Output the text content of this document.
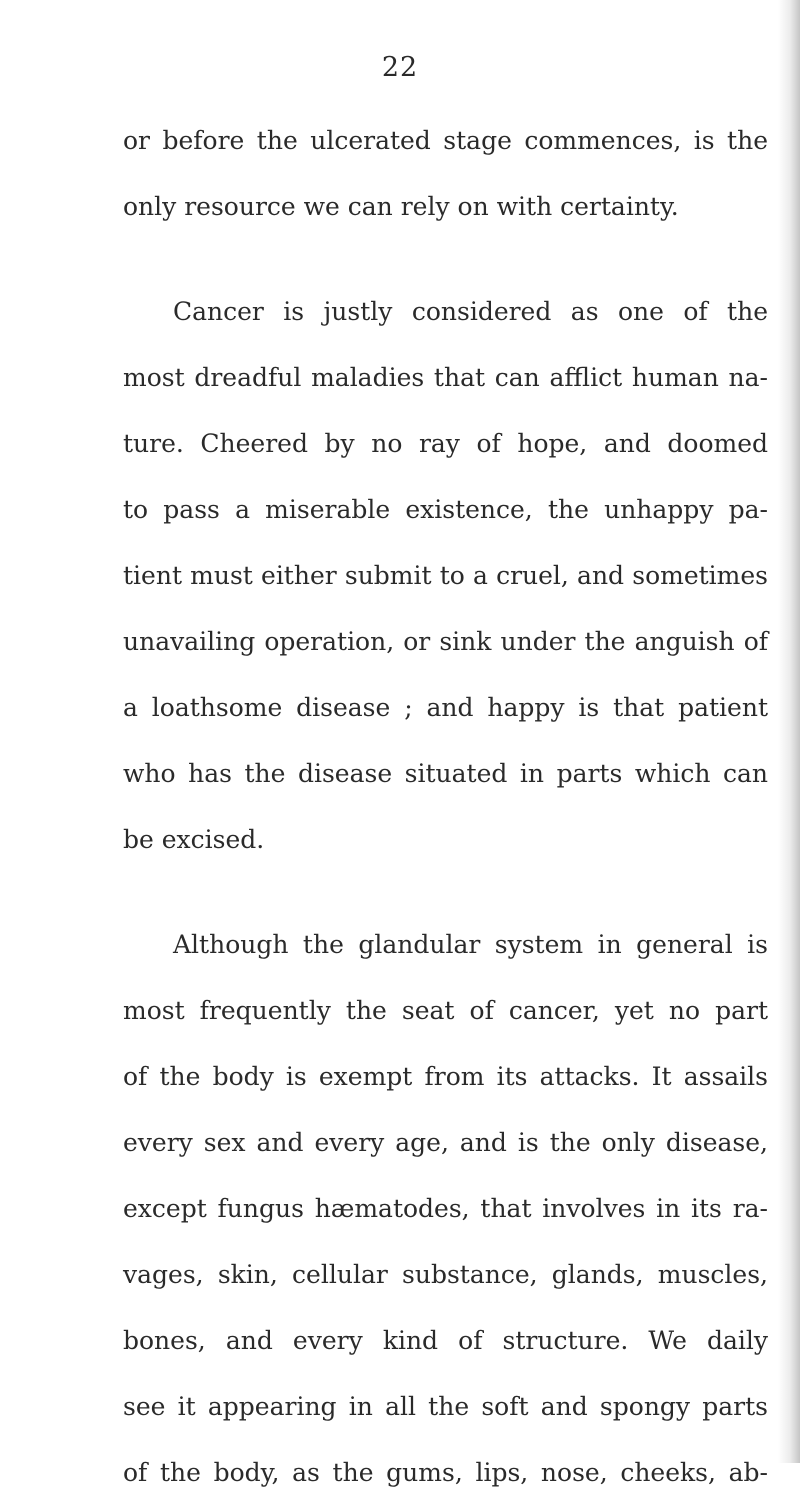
22
or before the ulcerated stage commences, is the
only resource we can rely on with certainty.
Cancer is justly considered as one of the
most dreadful maladies that can afflict human na-
ture. Cheered by no ray of hope, and doomed
to pass a miserable existence, the unhappy pa-
tient must either submit to a cruel, and sometimes
unavailing operation, or sink under the anguish of
a loathsome disease ; and happy is that patient
who has the disease situated in parts which can
be excised.
Although the glandular system in general is
most frequently the seat of cancer, yet no part
of the body is exempt from its attacks. It assails
every sex and every age, and is the only disease,
except fungus hæmatodes, that involves in its ra-
vages, skin, cellular substance, glands, muscles,
bones, and every kind of structure. We daily
see it appearing in all the soft and spongy parts
of the body, as the gums, lips, nose, cheeks, ab-
